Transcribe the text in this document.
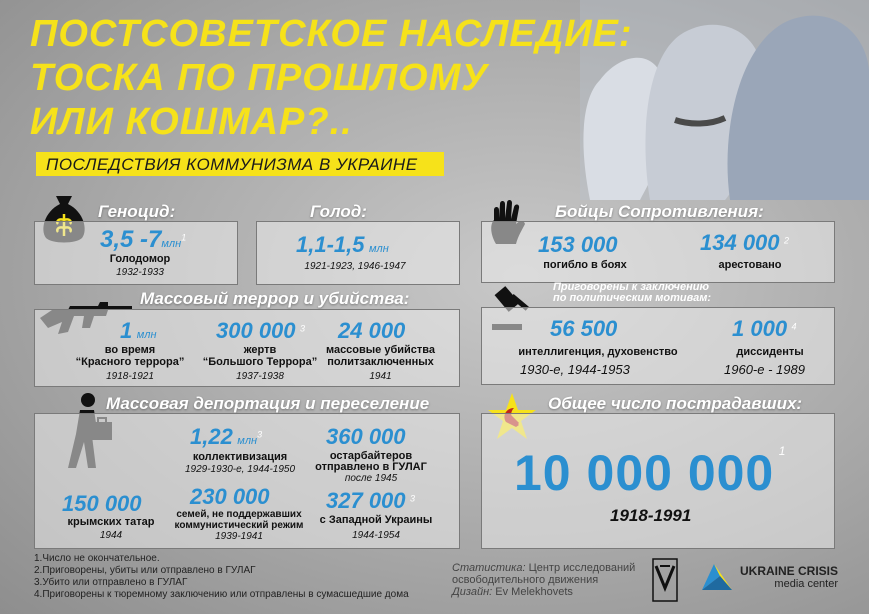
ПОСТСОВЕТСКОЕ НАСЛЕДИЕ:
ТОСКА ПО ПРОШЛОМУ
ИЛИ КОШМАР?..
ПОСЛЕДСТВИЯ КОММУНИЗМА В УКРАИНЕ
Геноцид:
3,5 -7млн$^1$
Голодомор
1932-1933
Голод:
1,1-1,5 млн
1921-1923, 1946-1947
Бойцы Сопротивления:
153 000
погибло в боях
134 000 $^2$
арестовано
Массовый террор и убийства:
1 млн
во время
“Красного террора”
1918-1921
300 000 $^3$
жертв
“Большого Террора”
1937-1938
24 000
массовые убийства
политзаключенных
1941
Приговорены к заключению
по политическим мотивам:
56 500
интеллигенция, духовенство
1930-е, 1944-1953
1 000 $^4$
диссиденты
1960-е - 1989
Массовая депортация и переселение
1,22 млн$^3$
коллективизация
1929-1930-е, 1944-1950
360 000
остарбайтеров
отправлено в ГУЛАГ
после 1945
150 000
крымских татар
1944
230 000
семей, не поддержавших
коммунистический режим
1939-1941
327 000 $^3$
с Западной Украины
1944-1954
Общее число пострадавших:
10 000 000 $^1$
1918-1991
1.Число не окончательное.
2.Приговорены, убиты или отправлено в ГУЛАГ
3.Убито или отправлено в ГУЛАГ
4.Приговорены к тюремному заключению или отправлены в сумасшедшие дома
Статистика: Центр исследований
освободительного движения
Дизайн: Ev Melekhovets
UKRAINE CRISIS
media center
